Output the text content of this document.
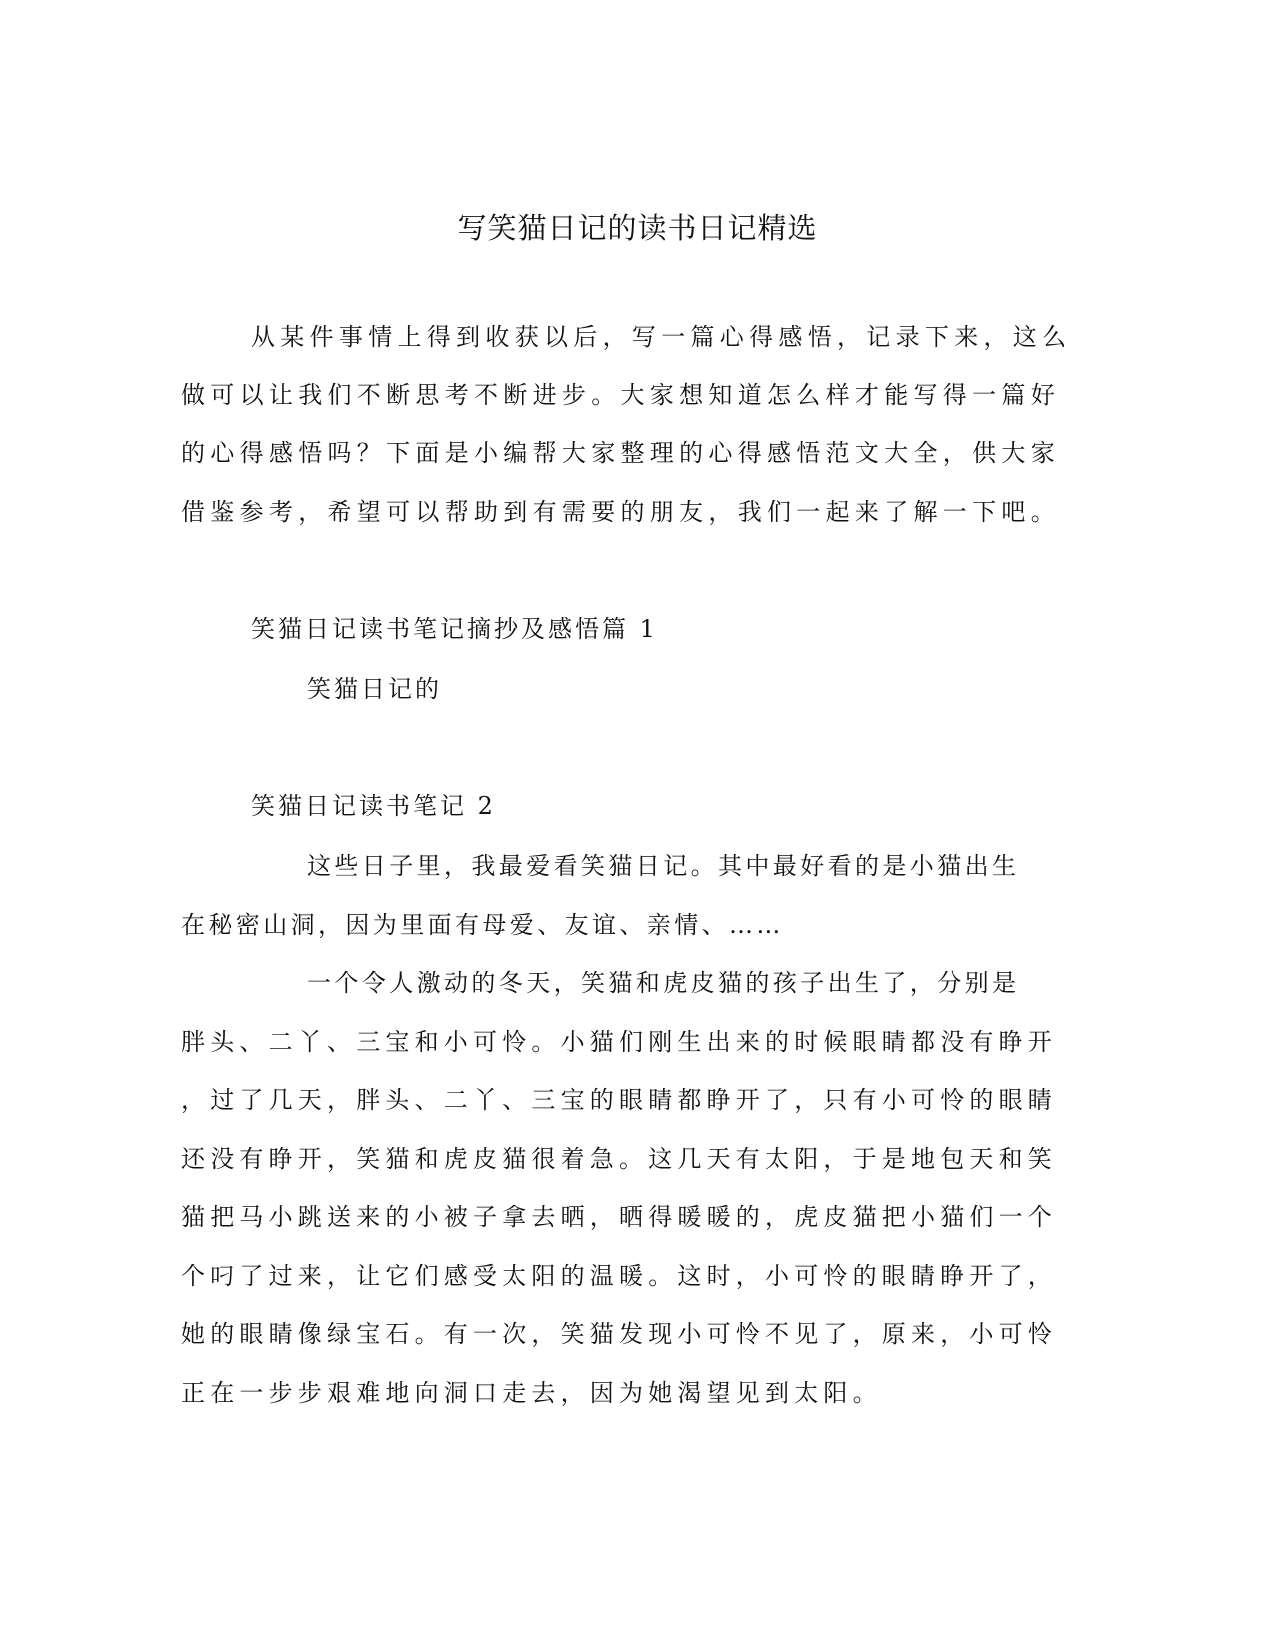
写笑猫日记的读书日记精选
从某件事情上得到收获以后，写一篇心得感悟，记录下来，这么
做可以让我们不断思考不断进步。大家想知道怎么样才能写得一篇好
的心得感悟吗？下面是小编帮大家整理的心得感悟范文大全，供大家
借鉴参考，希望可以帮助到有需要的朋友，我们一起来了解一下吧。
笑猫日记读书笔记摘抄及感悟篇 1
笑猫日记的
笑猫日记读书笔记 2
这些日子里，我最爱看笑猫日记。其中最好看的是小猫出生
在秘密山洞，因为里面有母爱、友谊、亲情、……
一个令人激动的冬天，笑猫和虎皮猫的孩子出生了，分别是
胖头、二丫、三宝和小可怜。小猫们刚生出来的时候眼睛都没有睁开
，过了几天，胖头、二丫、三宝的眼睛都睁开了，只有小可怜的眼睛
还没有睁开，笑猫和虎皮猫很着急。这几天有太阳，于是地包天和笑
猫把马小跳送来的小被子拿去晒，晒得暖暖的，虎皮猫把小猫们一个
个叼了过来，让它们感受太阳的温暖。这时，小可怜的眼睛睁开了，
她的眼睛像绿宝石。有一次，笑猫发现小可怜不见了，原来，小可怜
正在一步步艰难地向洞口走去，因为她渴望见到太阳。
